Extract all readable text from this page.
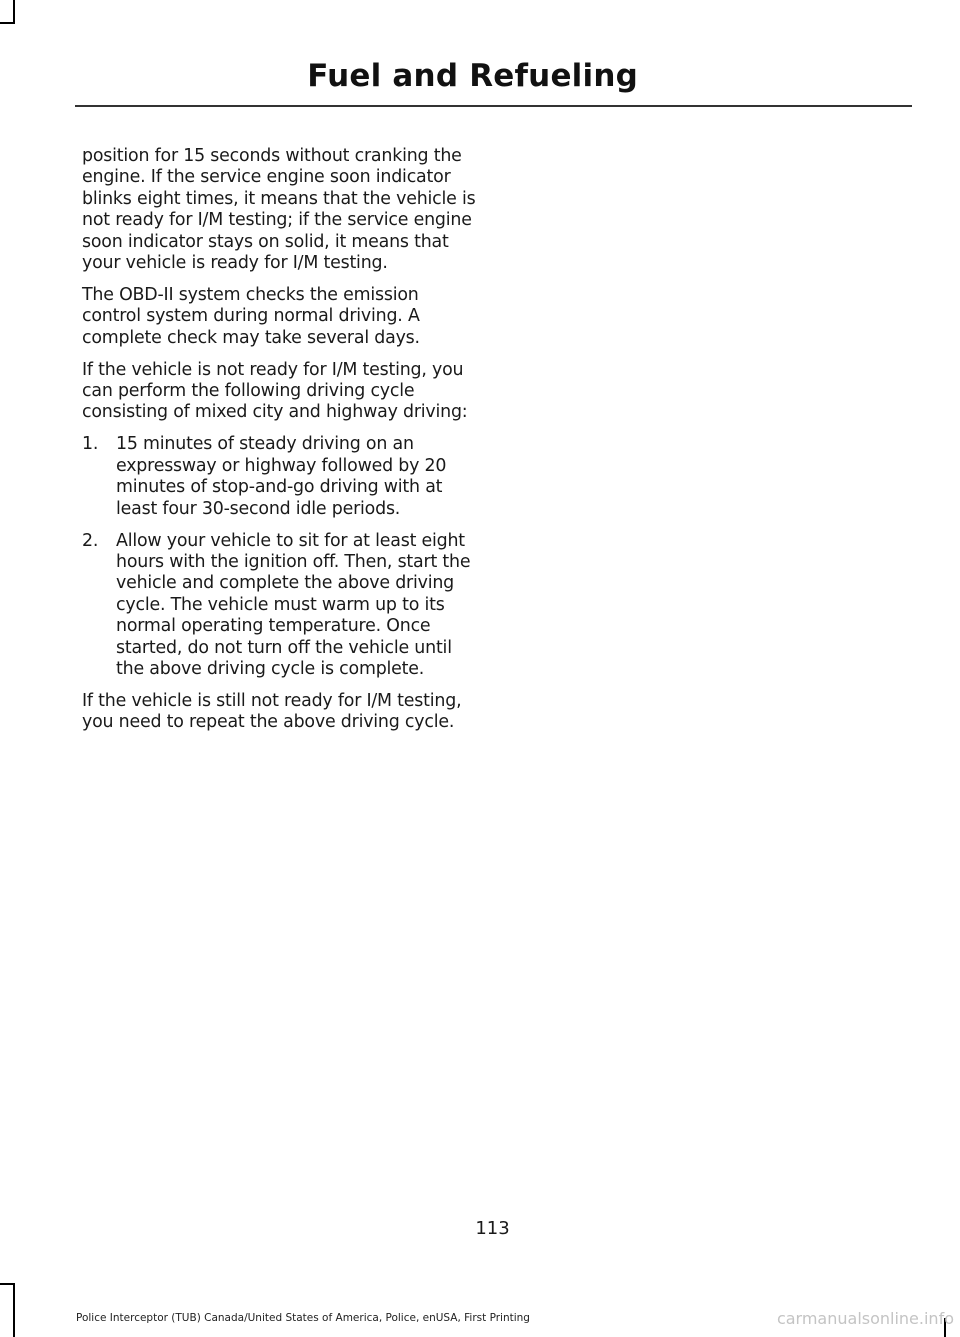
Fuel and Refueling

position for 15 seconds without cranking the engine. If the service engine soon indicator blinks eight times, it means that the vehicle is not ready for I/M testing; if the service engine soon indicator stays on solid, it means that your vehicle is ready for I/M testing.

The OBD-II system checks the emission control system during normal driving. A complete check may take several days.

If the vehicle is not ready for I/M testing, you can perform the following driving cycle consisting of mixed city and highway driving:

1. 15 minutes of steady driving on an expressway or highway followed by 20 minutes of stop-and-go driving with at least four 30-second idle periods.
2. Allow your vehicle to sit for at least eight hours with the ignition off. Then, start the vehicle and complete the above driving cycle. The vehicle must warm up to its normal operating temperature. Once started, do not turn off the vehicle until the above driving cycle is complete.

If the vehicle is still not ready for I/M testing, you need to repeat the above driving cycle.

113
Police Interceptor (TUB) Canada/United States of America, Police, enUSA, First Printing	carmanualsonline.info
